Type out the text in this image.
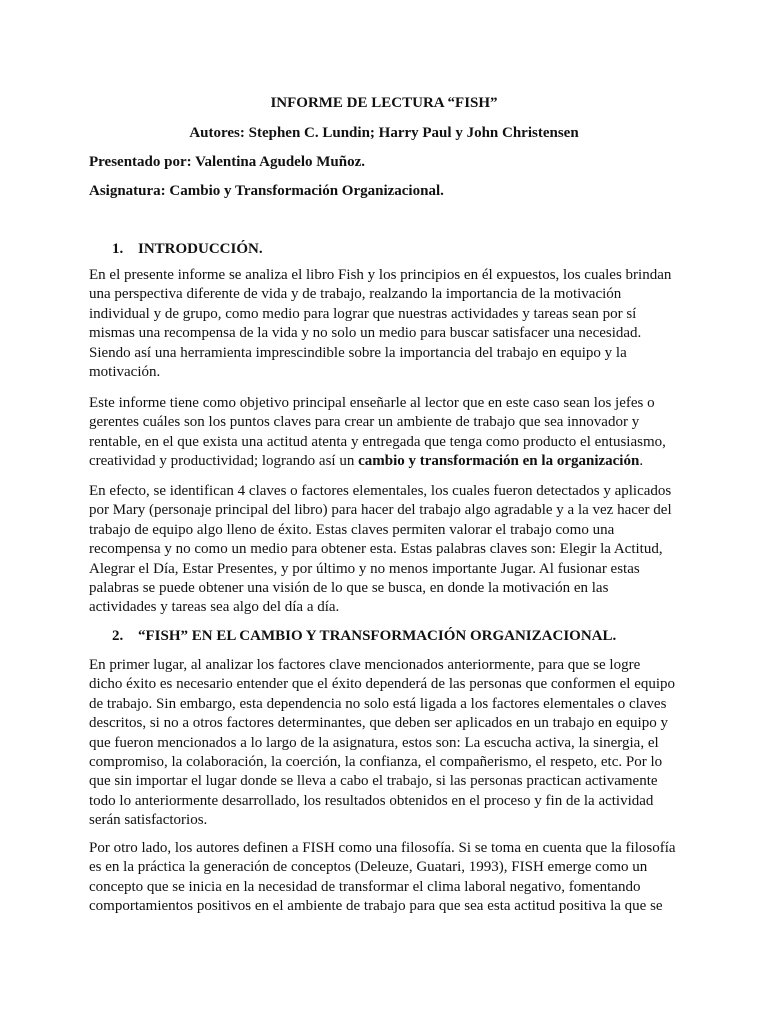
INFORME DE LECTURA “FISH”
Autores: Stephen C. Lundin; Harry Paul y John Christensen
Presentado por: Valentina Agudelo Muñoz.
Asignatura: Cambio y Transformación Organizacional.
1. INTRODUCCIÓN.
En el presente informe se analiza el libro Fish y los principios en él expuestos, los cuales brindan
una perspectiva diferente de vida y de trabajo, realzando la importancia de la motivación
individual y de grupo, como medio para lograr que nuestras actividades y tareas sean por sí
mismas una recompensa de la vida y no solo un medio para buscar satisfacer una necesidad.
Siendo así una herramienta imprescindible sobre la importancia del trabajo en equipo y la
motivación.
Este informe tiene como objetivo principal enseñarle al lector que en este caso sean los jefes o
gerentes cuáles son los puntos claves para crear un ambiente de trabajo que sea innovador y
rentable, en el que exista una actitud atenta y entregada que tenga como producto el entusiasmo,
creatividad y productividad; logrando así un cambio y transformación en la organización.
En efecto, se identifican 4 claves o factores elementales, los cuales fueron detectados y aplicados
por Mary (personaje principal del libro) para hacer del trabajo algo agradable y a la vez hacer del
trabajo de equipo algo lleno de éxito. Estas claves permiten valorar el trabajo como una
recompensa y no como un medio para obtener esta. Estas palabras claves son: Elegir la Actitud,
Alegrar el Día, Estar Presentes, y por último y no menos importante Jugar. Al fusionar estas
palabras se puede obtener una visión de lo que se busca, en donde la motivación en las
actividades y tareas sea algo del día a día.
2. “FISH” EN EL CAMBIO Y TRANSFORMACIÓN ORGANIZACIONAL.
En primer lugar, al analizar los factores clave mencionados anteriormente, para que se logre
dicho éxito es necesario entender que el éxito dependerá de las personas que conformen el equipo
de trabajo. Sin embargo, esta dependencia no solo está ligada a los factores elementales o claves
descritos, si no a otros factores determinantes, que deben ser aplicados en un trabajo en equipo y
que fueron mencionados a lo largo de la asignatura, estos son: La escucha activa, la sinergia, el
compromiso, la colaboración, la coerción, la confianza, el compañerismo, el respeto, etc. Por lo
que sin importar el lugar donde se lleva a cabo el trabajo, si las personas practican activamente
todo lo anteriormente desarrollado, los resultados obtenidos en el proceso y fin de la actividad
serán satisfactorios.
Por otro lado, los autores definen a FISH como una filosofía. Si se toma en cuenta que la filosofía
es en la práctica la generación de conceptos (Deleuze, Guatari, 1993), FISH emerge como un
concepto que se inicia en la necesidad de transformar el clima laboral negativo, fomentando
comportamientos positivos en el ambiente de trabajo para que sea esta actitud positiva la que se
